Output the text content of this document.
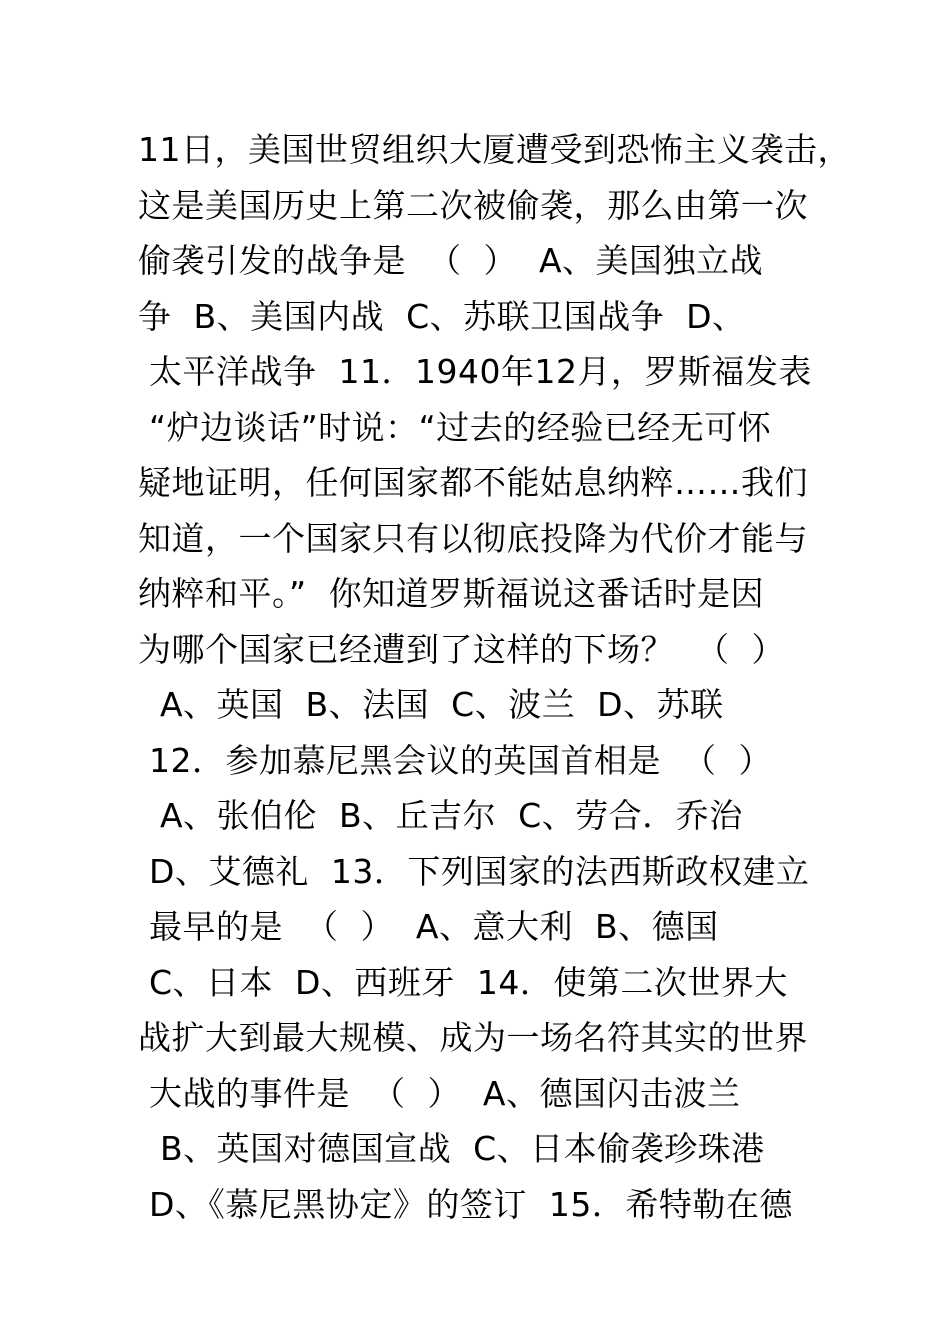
11日，美国世贸组织大厦遭受到恐怖主义袭击，
这是美国历史上第二次被偷袭，那么由第一次
偷袭引发的战争是  （  ）  A、美国独立战
争  B、美国内战  C、苏联卫国战争  D、
太平洋战争  11．1940年12月，罗斯福发表
“炉边谈话”时说：“过去的经验已经无可怀
疑地证明，任何国家都不能姑息纳粹……我们
知道，一个国家只有以彻底投降为代价才能与
纳粹和平。”  你知道罗斯福说这番话时是因
为哪个国家已经遭到了这样的下场？  （  ）
A、英国  B、法国  C、波兰  D、苏联
12．参加慕尼黑会议的英国首相是  （  ）
A、张伯伦  B、丘吉尔  C、劳合．乔治
D、艾德礼  13．下列国家的法西斯政权建立
最早的是  （  ）  A、意大利  B、德国
C、日本  D、西班牙  14．使第二次世界大
战扩大到最大规模、成为一场名符其实的世界
大战的事件是  （  ）  A、德国闪击波兰
B、英国对德国宣战  C、日本偷袭珍珠港
D、《慕尼黑协定》的签订  15．希特勒在德
